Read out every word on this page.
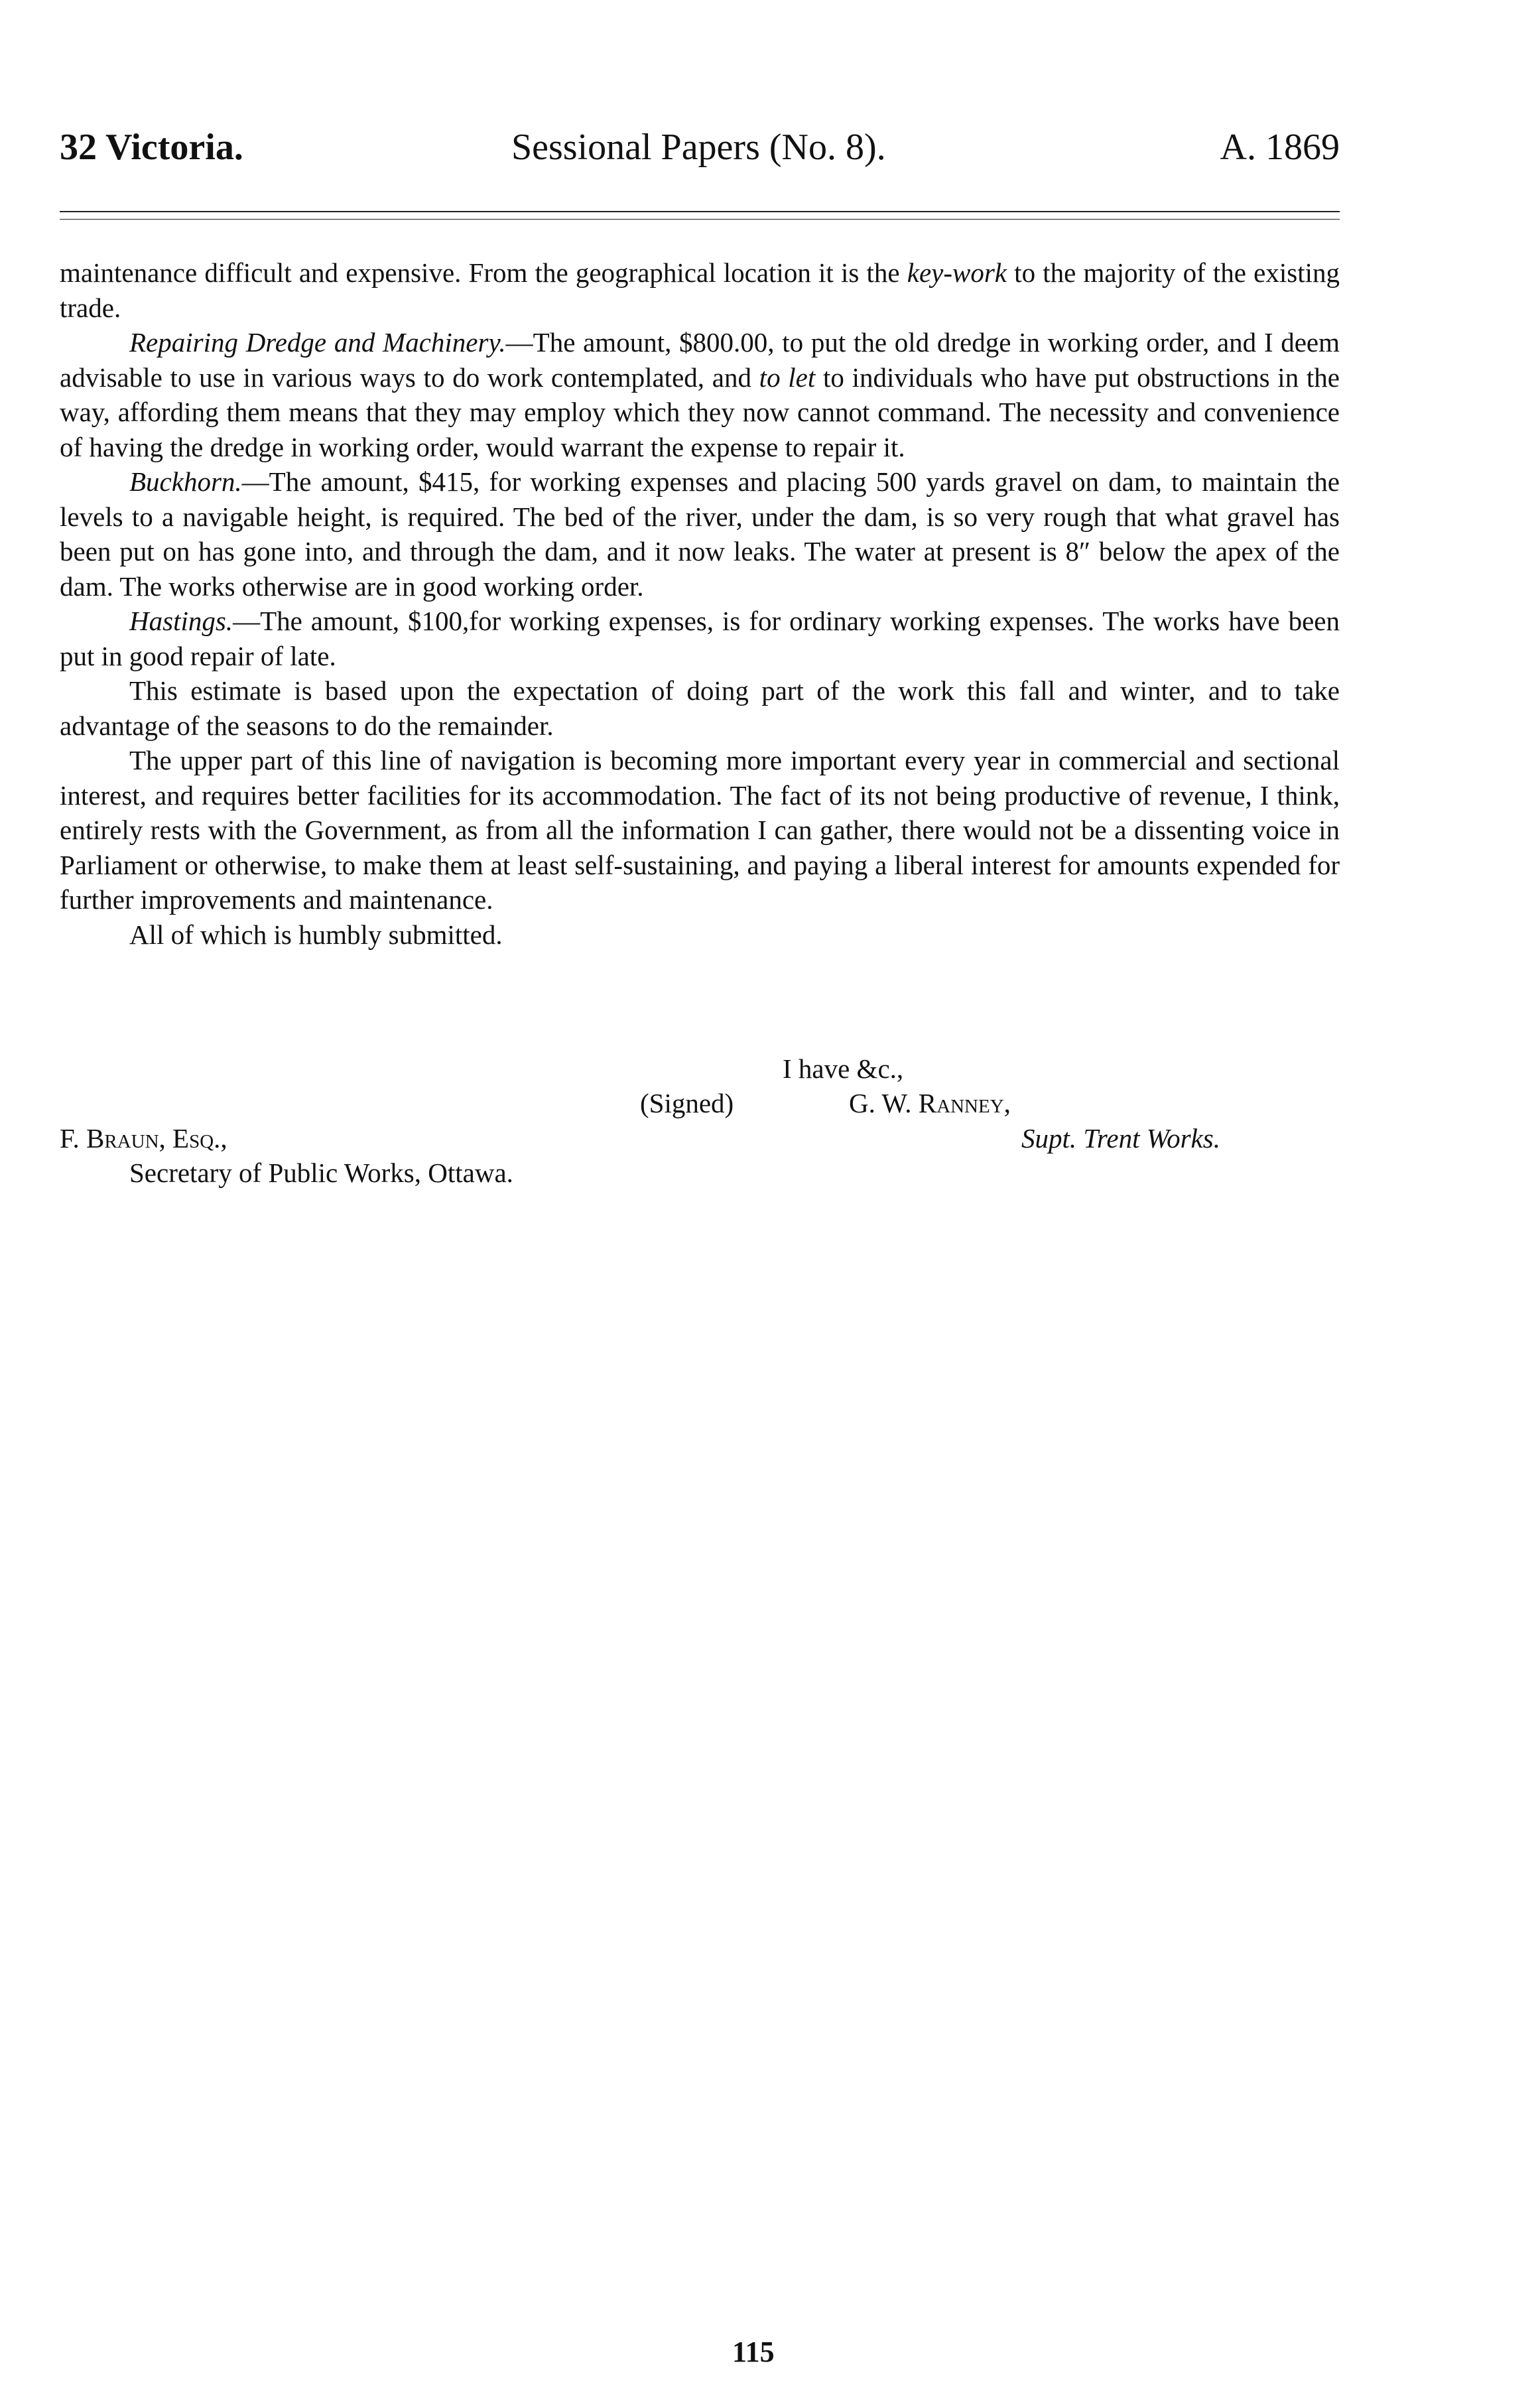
32 Victoria.	Sessional Papers (No. 8).	A. 1869

maintenance difficult and expensive. From the geographical location it is the key-work to the majority of the existing trade.

Repairing Dredge and Machinery.—The amount, $800.00, to put the old dredge in working order, and I deem advisable to use in various ways to do work contemplated, and to let to individuals who have put obstructions in the way, affording them means that they may employ which they now cannot command. The necessity and convenience of having the dredge in working order, would warrant the expense to repair it.

Buckhorn.—The amount, $415, for working expenses and placing 500 yards gravel on dam, to maintain the levels to a navigable height, is required. The bed of the river, under the dam, is so very rough that what gravel has been put on has gone into, and through the dam, and it now leaks. The water at present is 8″ below the apex of the dam. The works otherwise are in good working order.

Hastings.—The amount, $100,for working expenses, is for ordinary working expenses. The works have been put in good repair of late.

This estimate is based upon the expectation of doing part of the work this fall and winter, and to take advantage of the seasons to do the remainder.

The upper part of this line of navigation is becoming more important every year in commercial and sectional interest, and requires better facilities for its accommodation. The fact of its not being productive of revenue, I think, entirely rests with the Government, as from all the information I can gather, there would not be a dissenting voice in Parliament or otherwise, to make them at least self-sustaining, and paying a liberal interest for amounts expended for further improvements and maintenance.

All of which is humbly submitted.

I have &c.,
(Signed)	G. W. Ranney,
Supt. Trent Works.
F. Braun, Esq.,
Secretary of Public Works, Ottawa.
115
